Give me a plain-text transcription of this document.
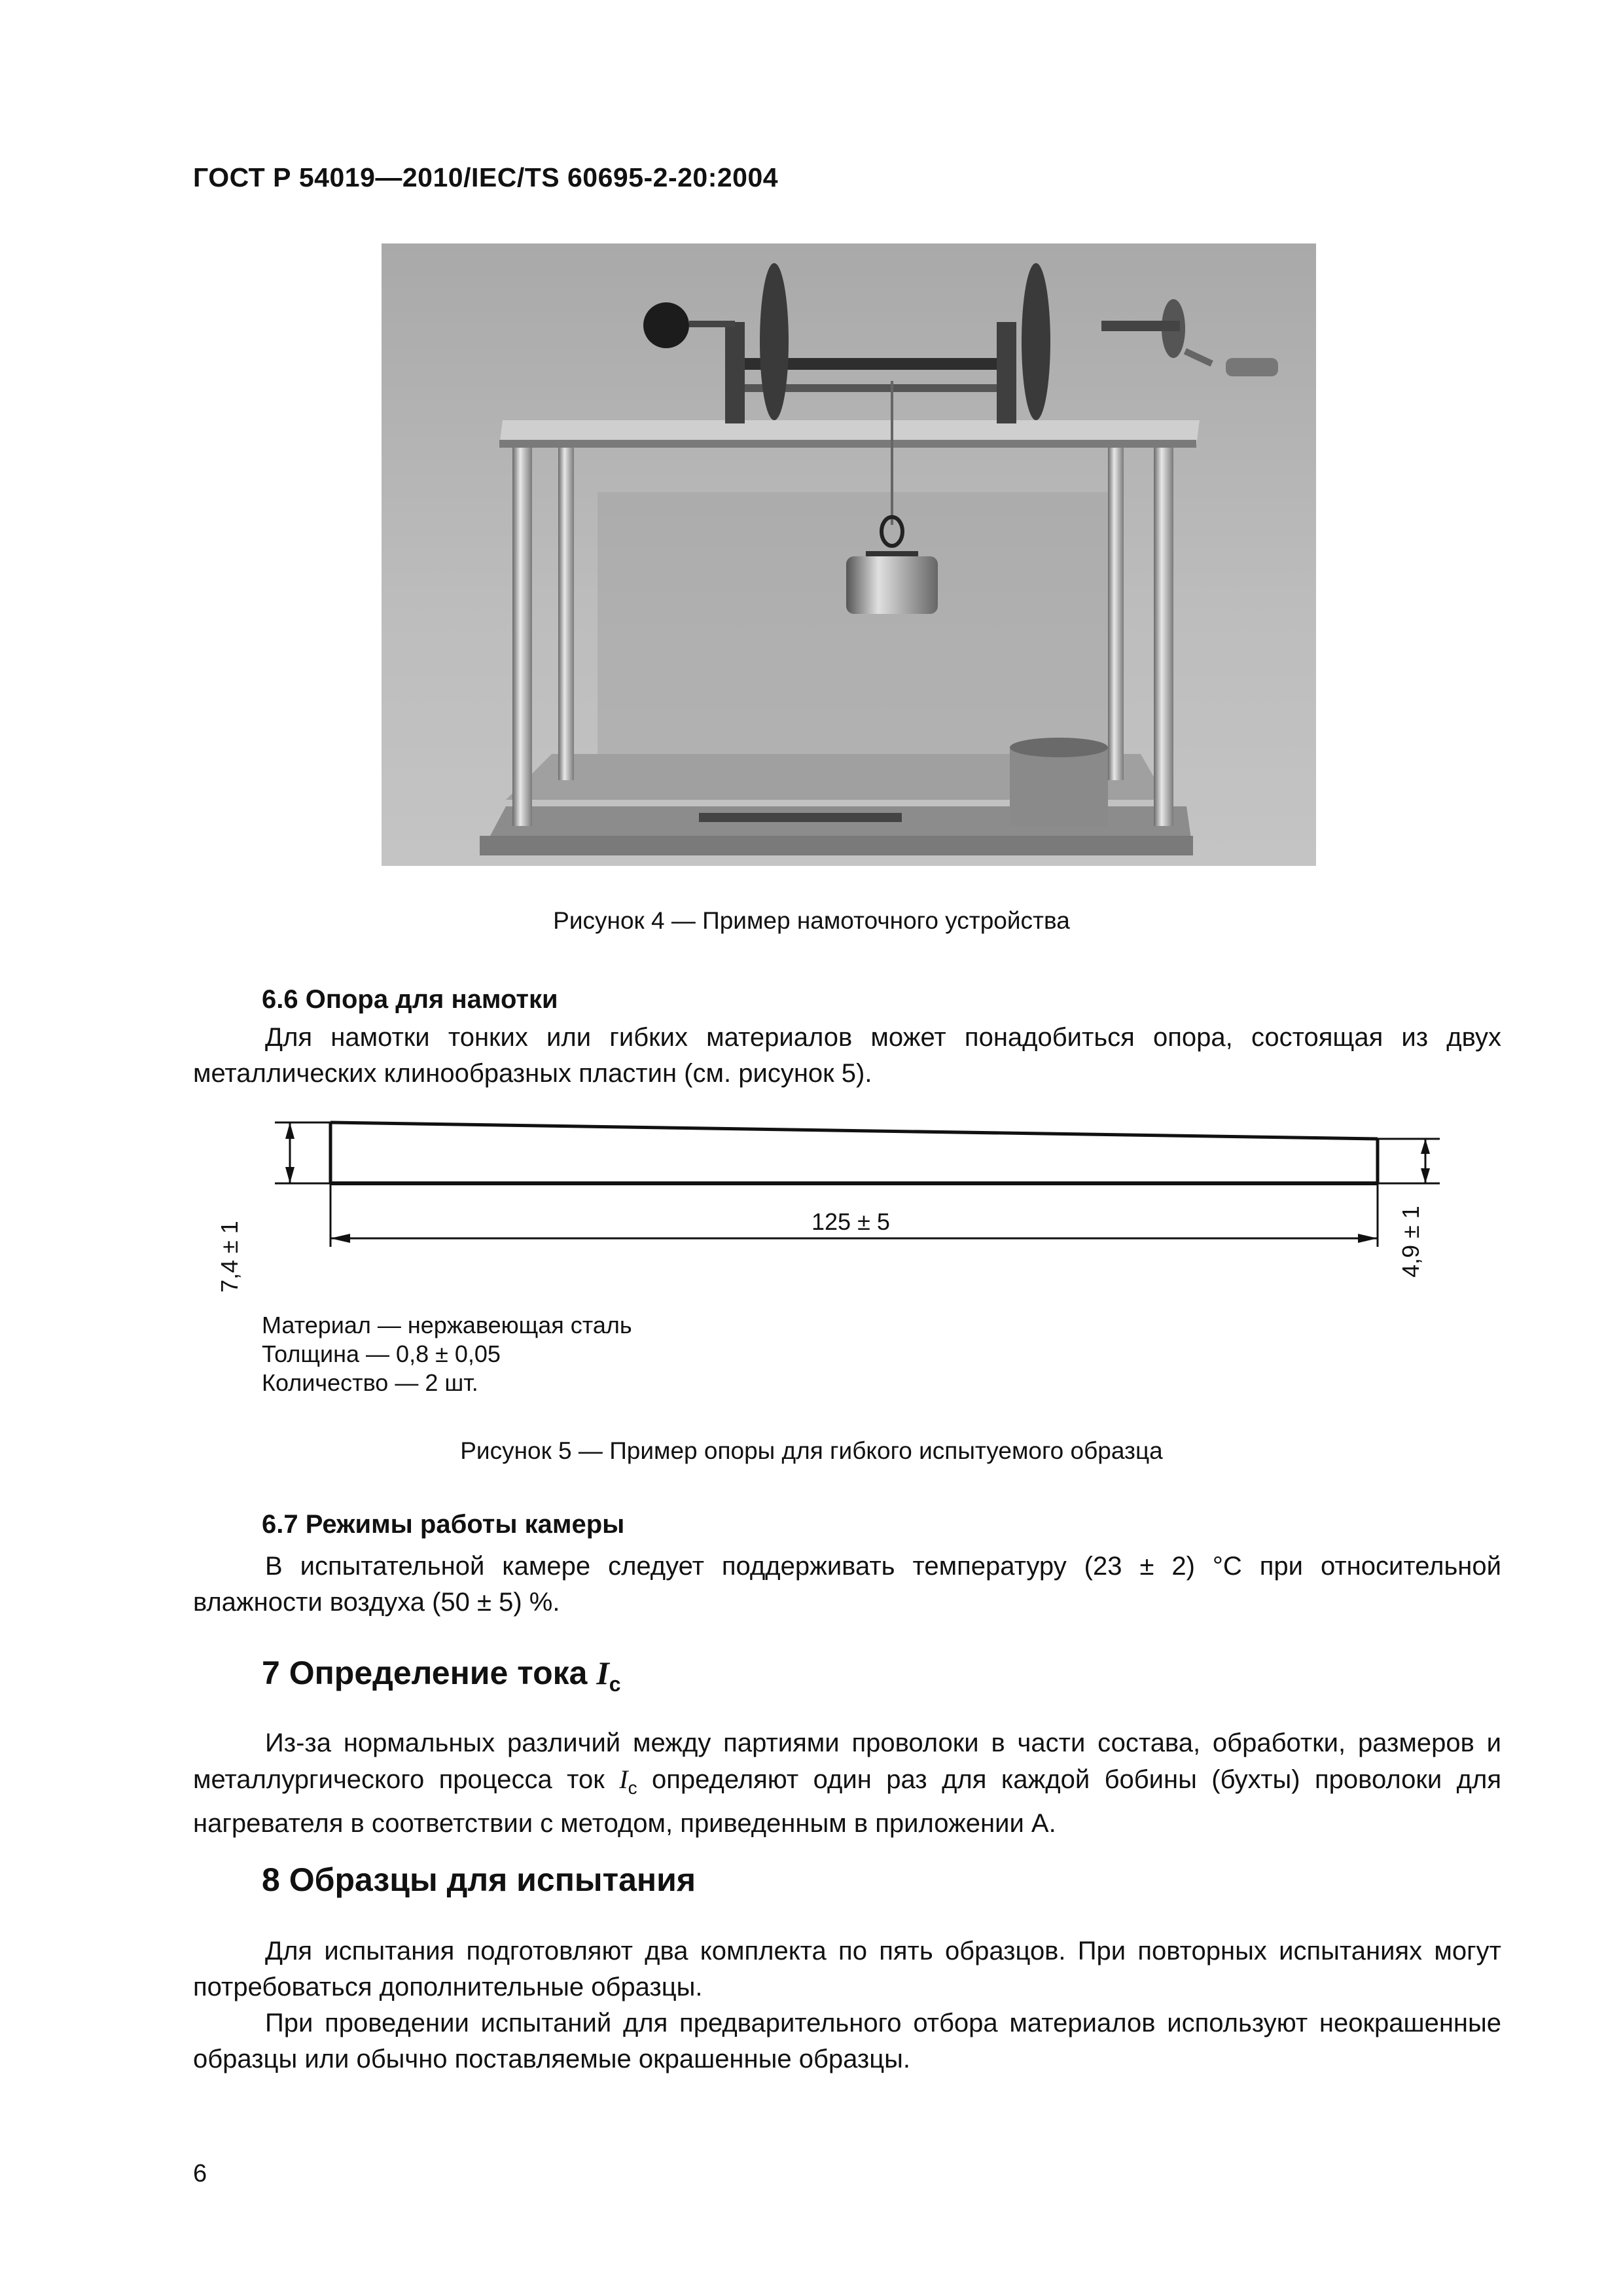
ГОСТ Р 54019—2010/IEC/TS 60695-2-20:2004
Рисунок 4 — Пример намоточного устройства
6.6 Опора для намотки

Для намотки тонких или гибких материалов может понадобиться опора, состоящая из двух металлических клинообразных пластин (см. рисунок 5).

125 ± 5
7,4 ± 1	4,9 ± 1
Материал — нержавеющая сталь
Толщина — 0,8 ± 0,05
Количество — 2 шт.
Рисунок 5 — Пример опоры для гибкого испытуемого образца
6.7 Режимы работы камеры

В испытательной камере следует поддерживать температуру (23 ± 2) °С при относительной влажности воздуха (50 ± 5) %.

7 Определение тока $I_c$

Из-за нормальных различий между партиями проволоки в части состава, обработки, размеров и металлургического процесса ток $I_c$ определяют один раз для каждой бобины (бухты) проволоки для нагревателя в соответствии с методом, приведенным в приложении А.

8 Образцы для испытания

Для испытания подготовляют два комплекта по пять образцов. При повторных испытаниях могут потребоваться дополнительные образцы.

При проведении испытаний для предварительного отбора материалов используют неокрашенные образцы или обычно поставляемые окрашенные образцы.

6
